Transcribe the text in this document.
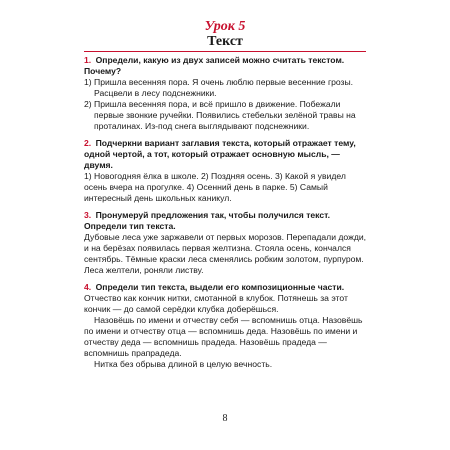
Урок 5
Текст
1. Определи, какую из двух записей можно считать текстом. Почему?
1) Пришла весенняя пора. Я очень люблю первые весенние грозы. Расцвели в лесу подснежники.
2) Пришла весенняя пора, и всё пришло в движение. Побежали первые звонкие ручейки. Появились стебельки зелёной травы на проталинах. Из-под снега выглядывают подснежники.
2. Подчеркни вариант заглавия текста, который отражает тему, одной чертой, а тот, который отражает основную мысль, — двумя.
1) Новогодняя ёлка в школе. 2) Поздняя осень. 3) Какой я увидел осень вчера на прогулке. 4) Осенний день в парке. 5) Самый интересный день школьных каникул.
3. Пронумеруй предложения так, чтобы получился текст. Определи тип текста.
Дубовые леса уже заржавели от первых морозов. Перепадали дожди, и на берёзах появилась первая желтизна. Стояла осень, кончался сентябрь. Тёмные краски леса сменялись робким золотом, пурпуром. Леса желтели, роняли листву.
4. Определи тип текста, выдели его композиционные части.
Отчество как кончик нитки, смотанной в клубок. Потянешь за этот кончик — до самой серёдки клубка доберёшься.
Назовёшь по имени и отчеству себя — вспомнишь отца. Назовёшь по имени и отчеству отца — вспомнишь деда. Назовёшь по имени и отчеству деда — вспомнишь прадеда. Назовёшь прадеда — вспомнишь прапрадеда.
Нитка без обрыва длиной в целую вечность.
8
